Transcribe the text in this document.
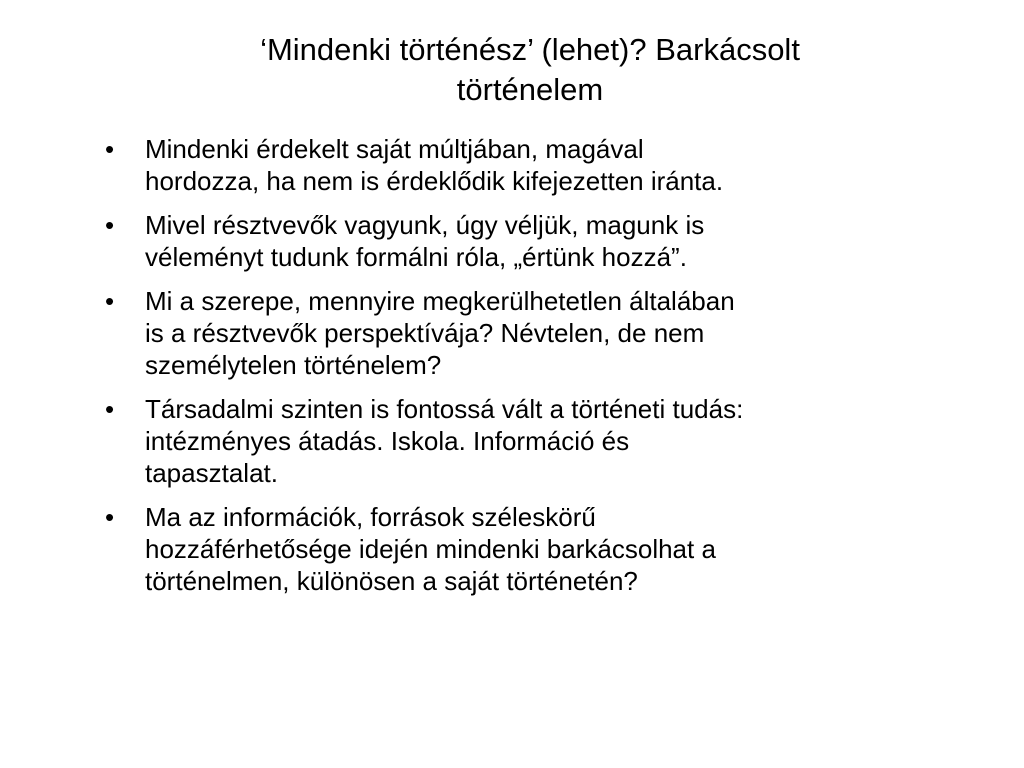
‘Mindenki történész’ (lehet)? Barkácsolt
történelem
•	Mindenki érdekelt saját múltjában, magával
hordozza, ha nem is érdeklődik kifejezetten iránta.
•	Mivel résztvevők vagyunk, úgy véljük, magunk is
véleményt tudunk formálni róla, „értünk hozzá”.
•	Mi a szerepe, mennyire megkerülhetetlen általában
is a résztvevők perspektívája? Névtelen, de nem
személytelen történelem?
•	Társadalmi szinten is fontossá vált a történeti tudás:
intézményes átadás. Iskola. Információ és
tapasztalat.
•	Ma az információk, források széleskörű
hozzáférhetősége idején mindenki barkácsolhat a
történelmen, különösen a saját történetén?
